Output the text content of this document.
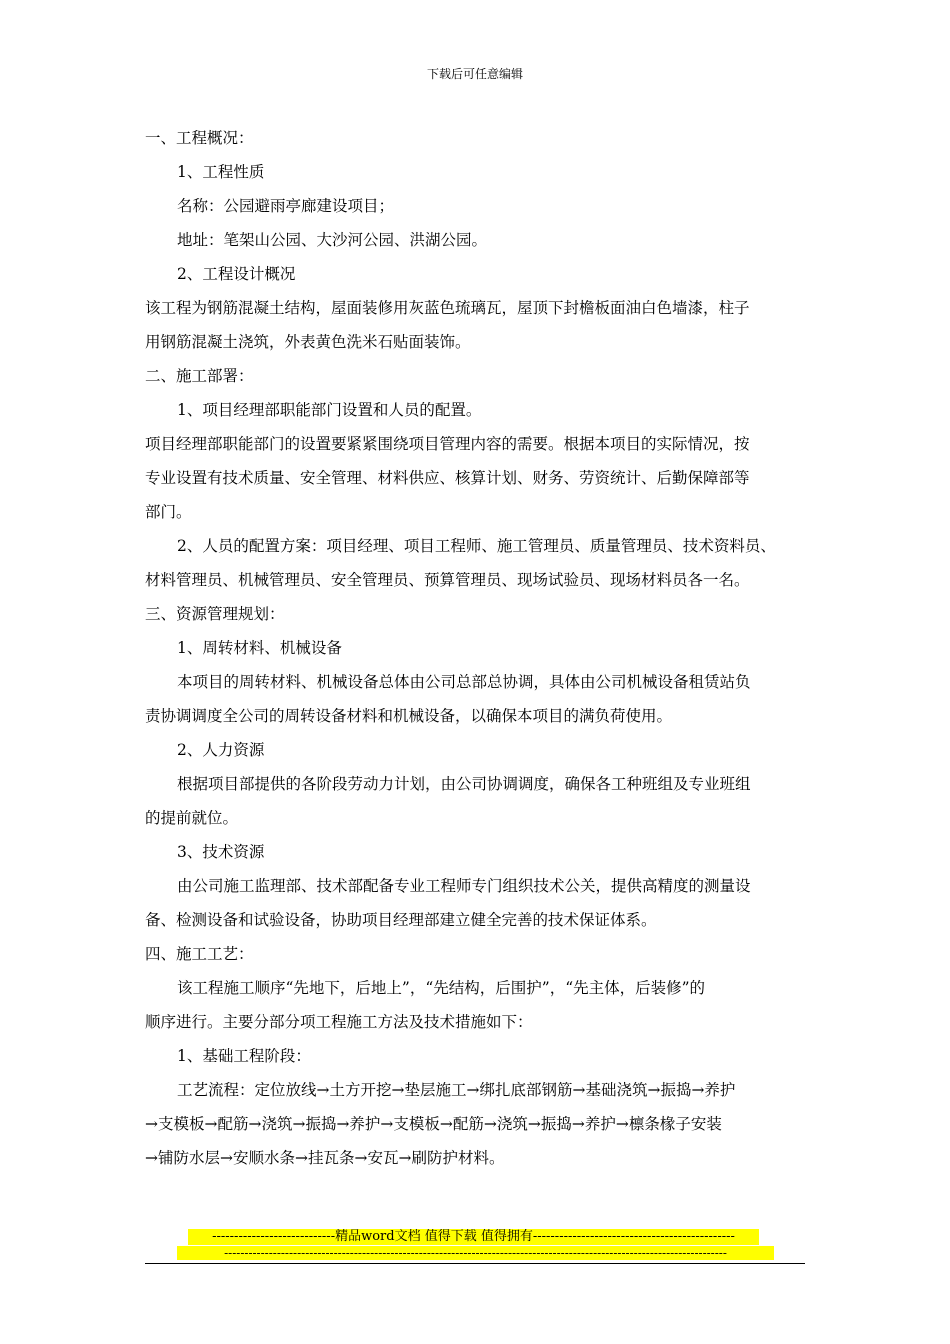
下载后可任意编辑
一、工程概况：
1、工程性质
名称：公园避雨亭廊建设项目；
地址：笔架山公园、大沙河公园、洪湖公园。
2、工程设计概况
该工程为钢筋混凝土结构，屋面装修用灰蓝色琉璃瓦，屋顶下封檐板面油白色墙漆，柱子
用钢筋混凝土浇筑，外表黄色洗米石贴面装饰。
二、施工部署：
1、项目经理部职能部门设置和人员的配置。
项目经理部职能部门的设置要紧紧围绕项目管理内容的需要。根据本项目的实际情况，按
专业设置有技术质量、安全管理、材料供应、核算计划、财务、劳资统计、后勤保障部等
部门。
2、人员的配置方案：项目经理、项目工程师、施工管理员、质量管理员、技术资料员、
材料管理员、机械管理员、安全管理员、预算管理员、现场试验员、现场材料员各一名。
三、资源管理规划：
1、周转材料、机械设备
本项目的周转材料、机械设备总体由公司总部总协调，具体由公司机械设备租赁站负
责协调调度全公司的周转设备材料和机械设备，以确保本项目的满负荷使用。
2、人力资源
根据项目部提供的各阶段劳动力计划，由公司协调调度，确保各工种班组及专业班组
的提前就位。
3、技术资源
由公司施工监理部、技术部配备专业工程师专门组织技术公关，提供高精度的测量设
备、检测设备和试验设备，协助项目经理部建立健全完善的技术保证体系。
四、施工工艺：
该工程施工顺序“先地下，后地上”，“先结构，后围护”，“先主体，后装修”的
顺序进行。主要分部分项工程施工方法及技术措施如下：
1、基础工程阶段：
工艺流程：定位放线→土方开挖→垫层施工→绑扎底部钢筋→基础浇筑→振捣→养护
→支模板→配筋→浇筑→振捣→养护→支模板→配筋→浇筑→振捣→养护→檩条椽子安装
→铺防水层→安顺水条→挂瓦条→安瓦→刷防护材料。
----------------------------精品word文档 值得下载 值得拥有----------------------------------------------
----------------------------------------------------------------------------------------------------------------------------
